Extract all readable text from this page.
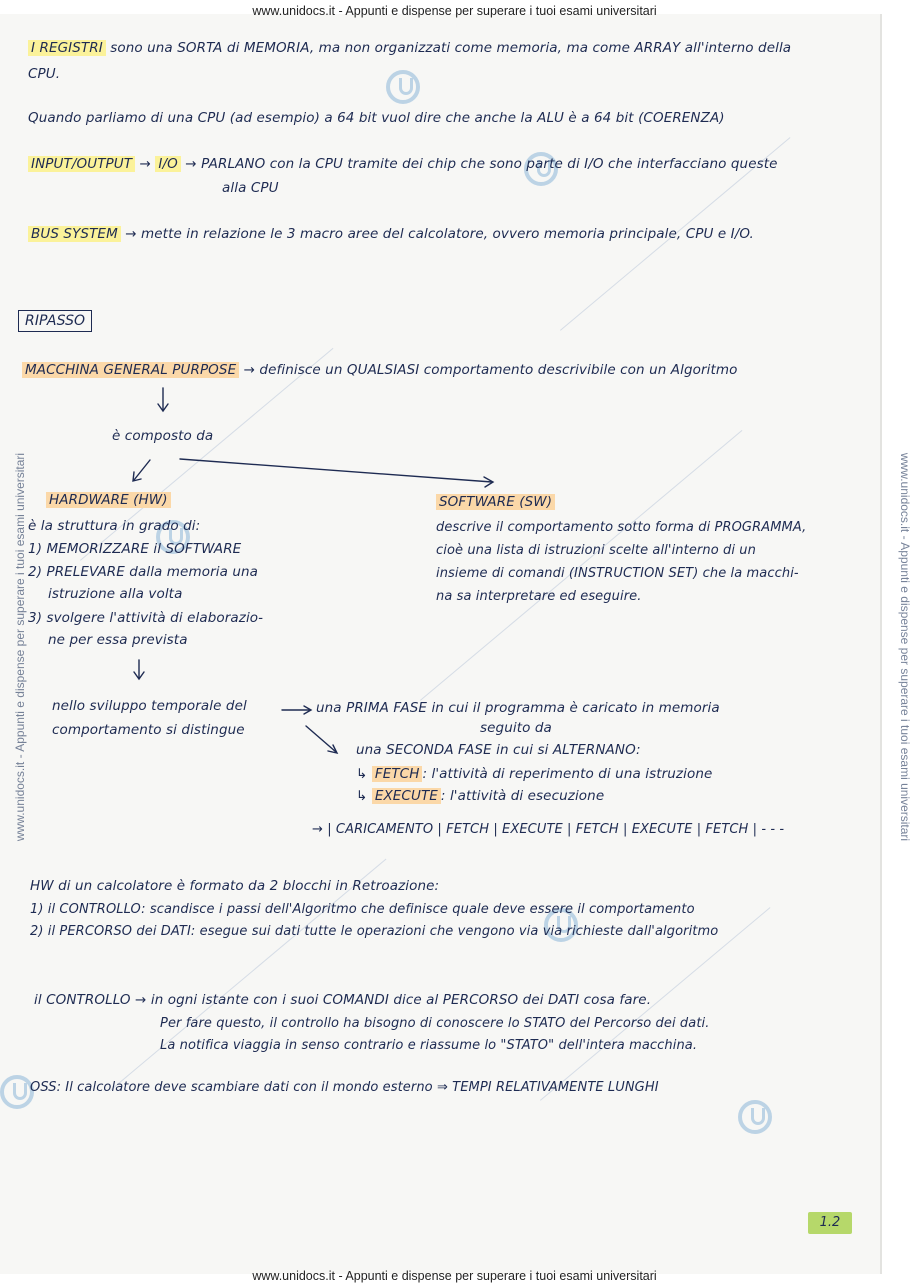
www.unidocs.it - Appunti e dispense per superare i tuoi esami universitari
www.unidocs.it - Appunti e dispense per superare i tuoi esami universitari
www.unidocs.it - Appunti e dispense per superare i tuoi esami universitari	www.unidocs.it - Appunti e dispense per superare i tuoi esami universitari
I REGISTRI sono una SORTA di MEMORIA, ma non organizzati come memoria, ma come ARRAY all'interno della
CPU.
Quando parliamo di una CPU (ad esempio) a 64 bit vuol dire che anche la ALU è a 64 bit (COERENZA)
INPUT/OUTPUT → I/O → PARLANO con la CPU tramite dei chip che sono parte di I/O che interfacciano queste
alla CPU
BUS SYSTEM → mette in relazione le 3 macro aree del calcolatore, ovvero memoria principale, CPU e I/O.
RIPASSO
MACCHINA GENERAL PURPOSE → definisce un QUALSIASI comportamento descrivibile con un Algoritmo
è composto da
HARDWARE (HW)
è la struttura in grado di:
1) MEMORIZZARE il SOFTWARE
2) PRELEVARE dalla memoria una
istruzione alla volta
3) svolgere l'attività di elaborazio-
ne per essa prevista
SOFTWARE (SW)
descrive il comportamento sotto forma di PROGRAMMA,
cioè una lista di istruzioni scelte all'interno di un
insieme di comandi (INSTRUCTION SET) che la macchi-
na sa interpretare ed eseguire.
nello sviluppo temporale del
comportamento si distingue
una PRIMA FASE in cui il programma è caricato in memoria
seguito da
una SECONDA FASE in cui si ALTERNANO:
↳ FETCH : l'attività di reperimento di una istruzione
↳ EXECUTE : l'attività di esecuzione
→ | CARICAMENTO | FETCH | EXECUTE | FETCH | EXECUTE | FETCH | - - -
HW di un calcolatore è formato da 2 blocchi in Retroazione:
1) il CONTROLLO: scandisce i passi dell'Algoritmo che definisce quale deve essere il comportamento
2) il PERCORSO dei DATI: esegue sui dati tutte le operazioni che vengono via via richieste dall'algoritmo
il CONTROLLO → in ogni istante con i suoi COMANDI dice al PERCORSO dei DATI cosa fare.
Per fare questo, il controllo ha bisogno di conoscere lo STATO del Percorso dei dati.
La notifica viaggia in senso contrario e riassume lo "STATO" dell'intera macchina.
OSS: Il calcolatore deve scambiare dati con il mondo esterno ⇒ TEMPI RELATIVAMENTE LUNGHI
1.2
